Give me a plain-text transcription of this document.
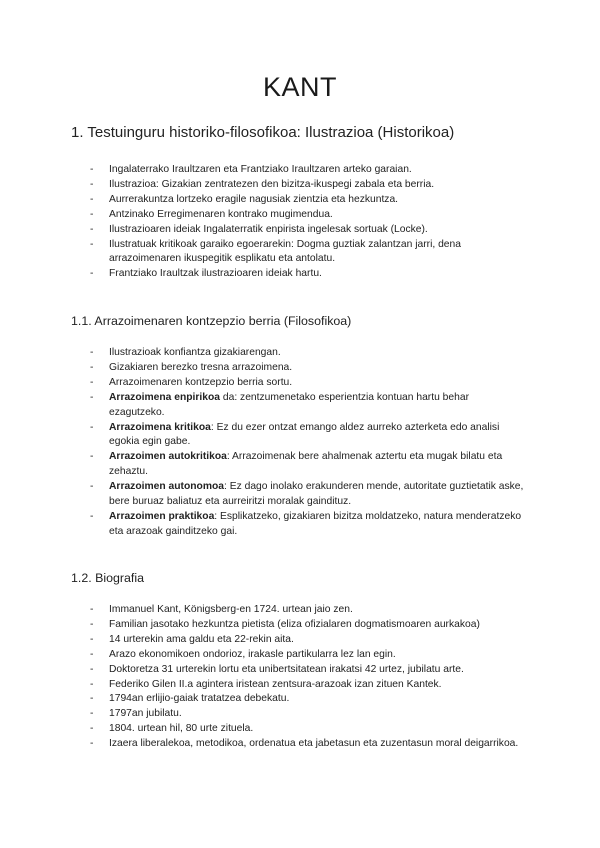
KANT
1. Testuinguru historiko-filosofikoa: Ilustrazioa (Historikoa)
- Ingalaterrako Iraultzaren eta Frantziako Iraultzaren arteko garaian.
- Ilustrazioa: Gizakian zentratezen den bizitza-ikuspegi zabala eta berria.
- Aurrerakuntza lortzeko eragile nagusiak zientzia eta hezkuntza.
- Antzinako Erregimenaren kontrako mugimendua.
- Ilustrazioaren ideiak Ingalaterratik enpirista ingelesak sortuak (Locke).
- Ilustratuak kritikoak garaiko egoerarekin: Dogma guztiak zalantzan jarri, dena arrazoimenaren ikuspegitik esplikatu eta antolatu.
- Frantziako Iraultzak ilustrazioaren ideiak hartu.
1.1. Arrazoimenaren kontzepzio berria (Filosofikoa)
- Ilustrazioak konfiantza gizakiarengan.
- Gizakiaren berezko tresna arrazoimena.
- Arrazoimenaren kontzepzio berria sortu.
- Arrazoimena enpirikoa da: zentzumenetako esperientzia kontuan hartu behar ezagutzeko.
- Arrazoimena kritikoa: Ez du ezer ontzat emango aldez aurreko azterketa edo analisi egokia egin gabe.
- Arrazoimen autokritikoa: Arrazoimenak bere ahalmenak aztertu eta mugak bilatu eta zehaztu.
- Arrazoimen autonomoa: Ez dago inolako erakunderen mende, autoritate guztietatik aske, bere buruaz baliatuz eta aurreiritzi moralak gaindituz.
- Arrazoimen praktikoa: Esplikatzeko, gizakiaren bizitza moldatzeko, natura menderatzeko eta arazoak gainditzeko gai.
1.2. Biografia
- Immanuel Kant, Königsberg-en 1724. urtean jaio zen.
- Familian jasotako hezkuntza pietista (eliza ofizialaren dogmatismoaren aurkakoa)
- 14 urterekin ama galdu eta 22-rekin aita.
- Arazo ekonomikoen ondorioz, irakasle partikularra lez lan egin.
- Doktoretza 31 urterekin lortu eta unibertsitatean irakatsi 42 urtez, jubilatu arte.
- Federiko Gilen II.a agintera iristean zentsura-arazoak izan zituen Kantek.
- 1794an erlijio-gaiak tratatzea debekatu.
- 1797an jubilatu.
- 1804. urtean hil, 80 urte zituela.
- Izaera liberalekoa, metodikoa, ordenatua eta jabetasun eta zuzentasun moral deigarrikoa.
